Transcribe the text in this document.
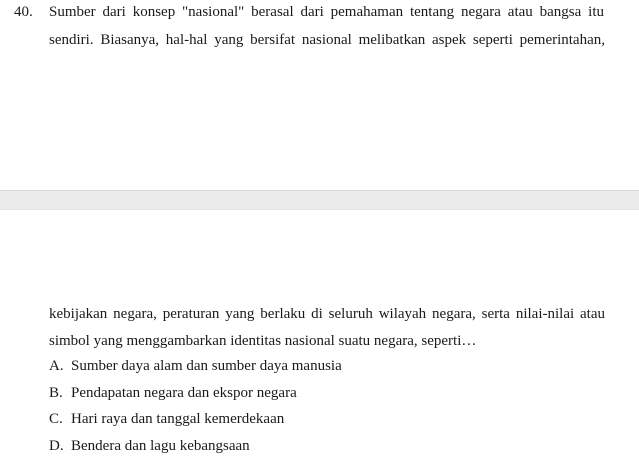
40. Sumber dari konsep "nasional" berasal dari pemahaman tentang negara atau bangsa itu
sendiri. Biasanya, hal-hal yang bersifat nasional melibatkan aspek seperti pemerintahan,
kebijakan negara, peraturan yang berlaku di seluruh wilayah negara, serta nilai-nilai atau
simbol yang menggambarkan identitas nasional suatu negara, seperti…
A. Sumber daya alam dan sumber daya manusia
B. Pendapatan negara dan ekspor negara
C. Hari raya dan tanggal kemerdekaan
D. Bendera dan lagu kebangsaan
